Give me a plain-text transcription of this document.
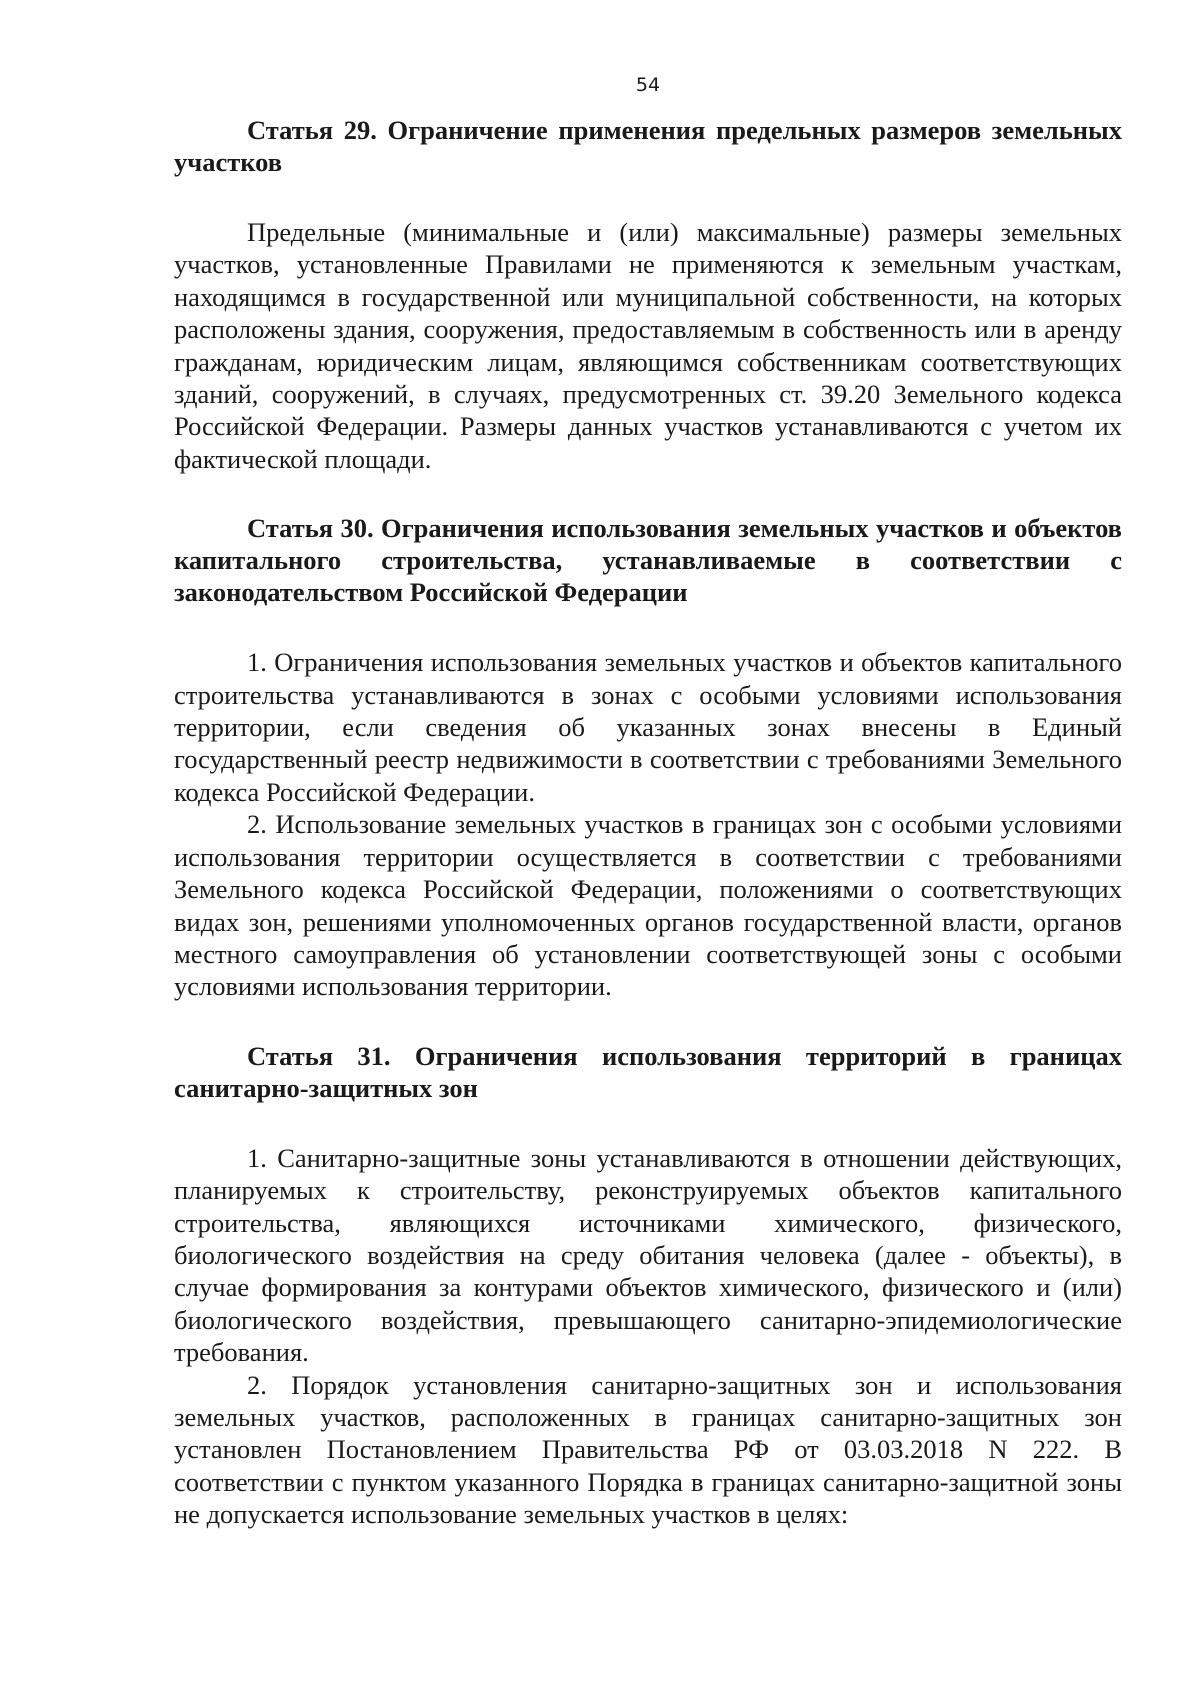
54

Статья 29. Ограничение применения предельных размеров земельных участков

Предельные (минимальные и (или) максимальные) размеры земельных участков, установленные Правилами не применяются к земельным участкам, находящимся в государственной или муниципальной собственности, на которых расположены здания, сооружения, предоставляемым в собственность или в аренду гражданам, юридическим лицам, являющимся собственникам соответствующих зданий, сооружений, в случаях, предусмотренных ст. 39.20 Земельного кодекса Российской Федерации. Размеры данных участков устанавливаются с учетом их фактической площади.

Статья 30. Ограничения использования земельных участков и объектов капитального строительства, устанавливаемые в соответствии с законодательством Российской Федерации

1. Ограничения использования земельных участков и объектов капитального строительства устанавливаются в зонах с особыми условиями использования территории, если сведения об указанных зонах внесены в Единый государственный реестр недвижимости в соответствии с требованиями Земельного кодекса Российской Федерации.

2. Использование земельных участков в границах зон с особыми условиями использования территории осуществляется в соответствии с требованиями Земельного кодекса Российской Федерации, положениями о соответствующих видах зон, решениями уполномоченных органов государственной власти, органов местного самоуправления об установлении соответствующей зоны с особыми условиями использования территории.

Статья 31. Ограничения использования территорий в границах санитарно-защитных зон

1. Санитарно-защитные зоны устанавливаются в отношении действующих, планируемых к строительству, реконструируемых объектов капитального строительства, являющихся источниками химического, физического, биологического воздействия на среду обитания человека (далее - объекты), в случае формирования за контурами объектов химического, физического и (или) биологического воздействия, превышающего санитарно-эпидемиологические требования.

2. Порядок установления санитарно-защитных зон и использования земельных участков, расположенных в границах санитарно-защитных зон установлен Постановлением Правительства РФ от 03.03.2018 N 222. В соответствии с пунктом указанного Порядка в границах санитарно-защитной зоны не допускается использование земельных участков в целях:
